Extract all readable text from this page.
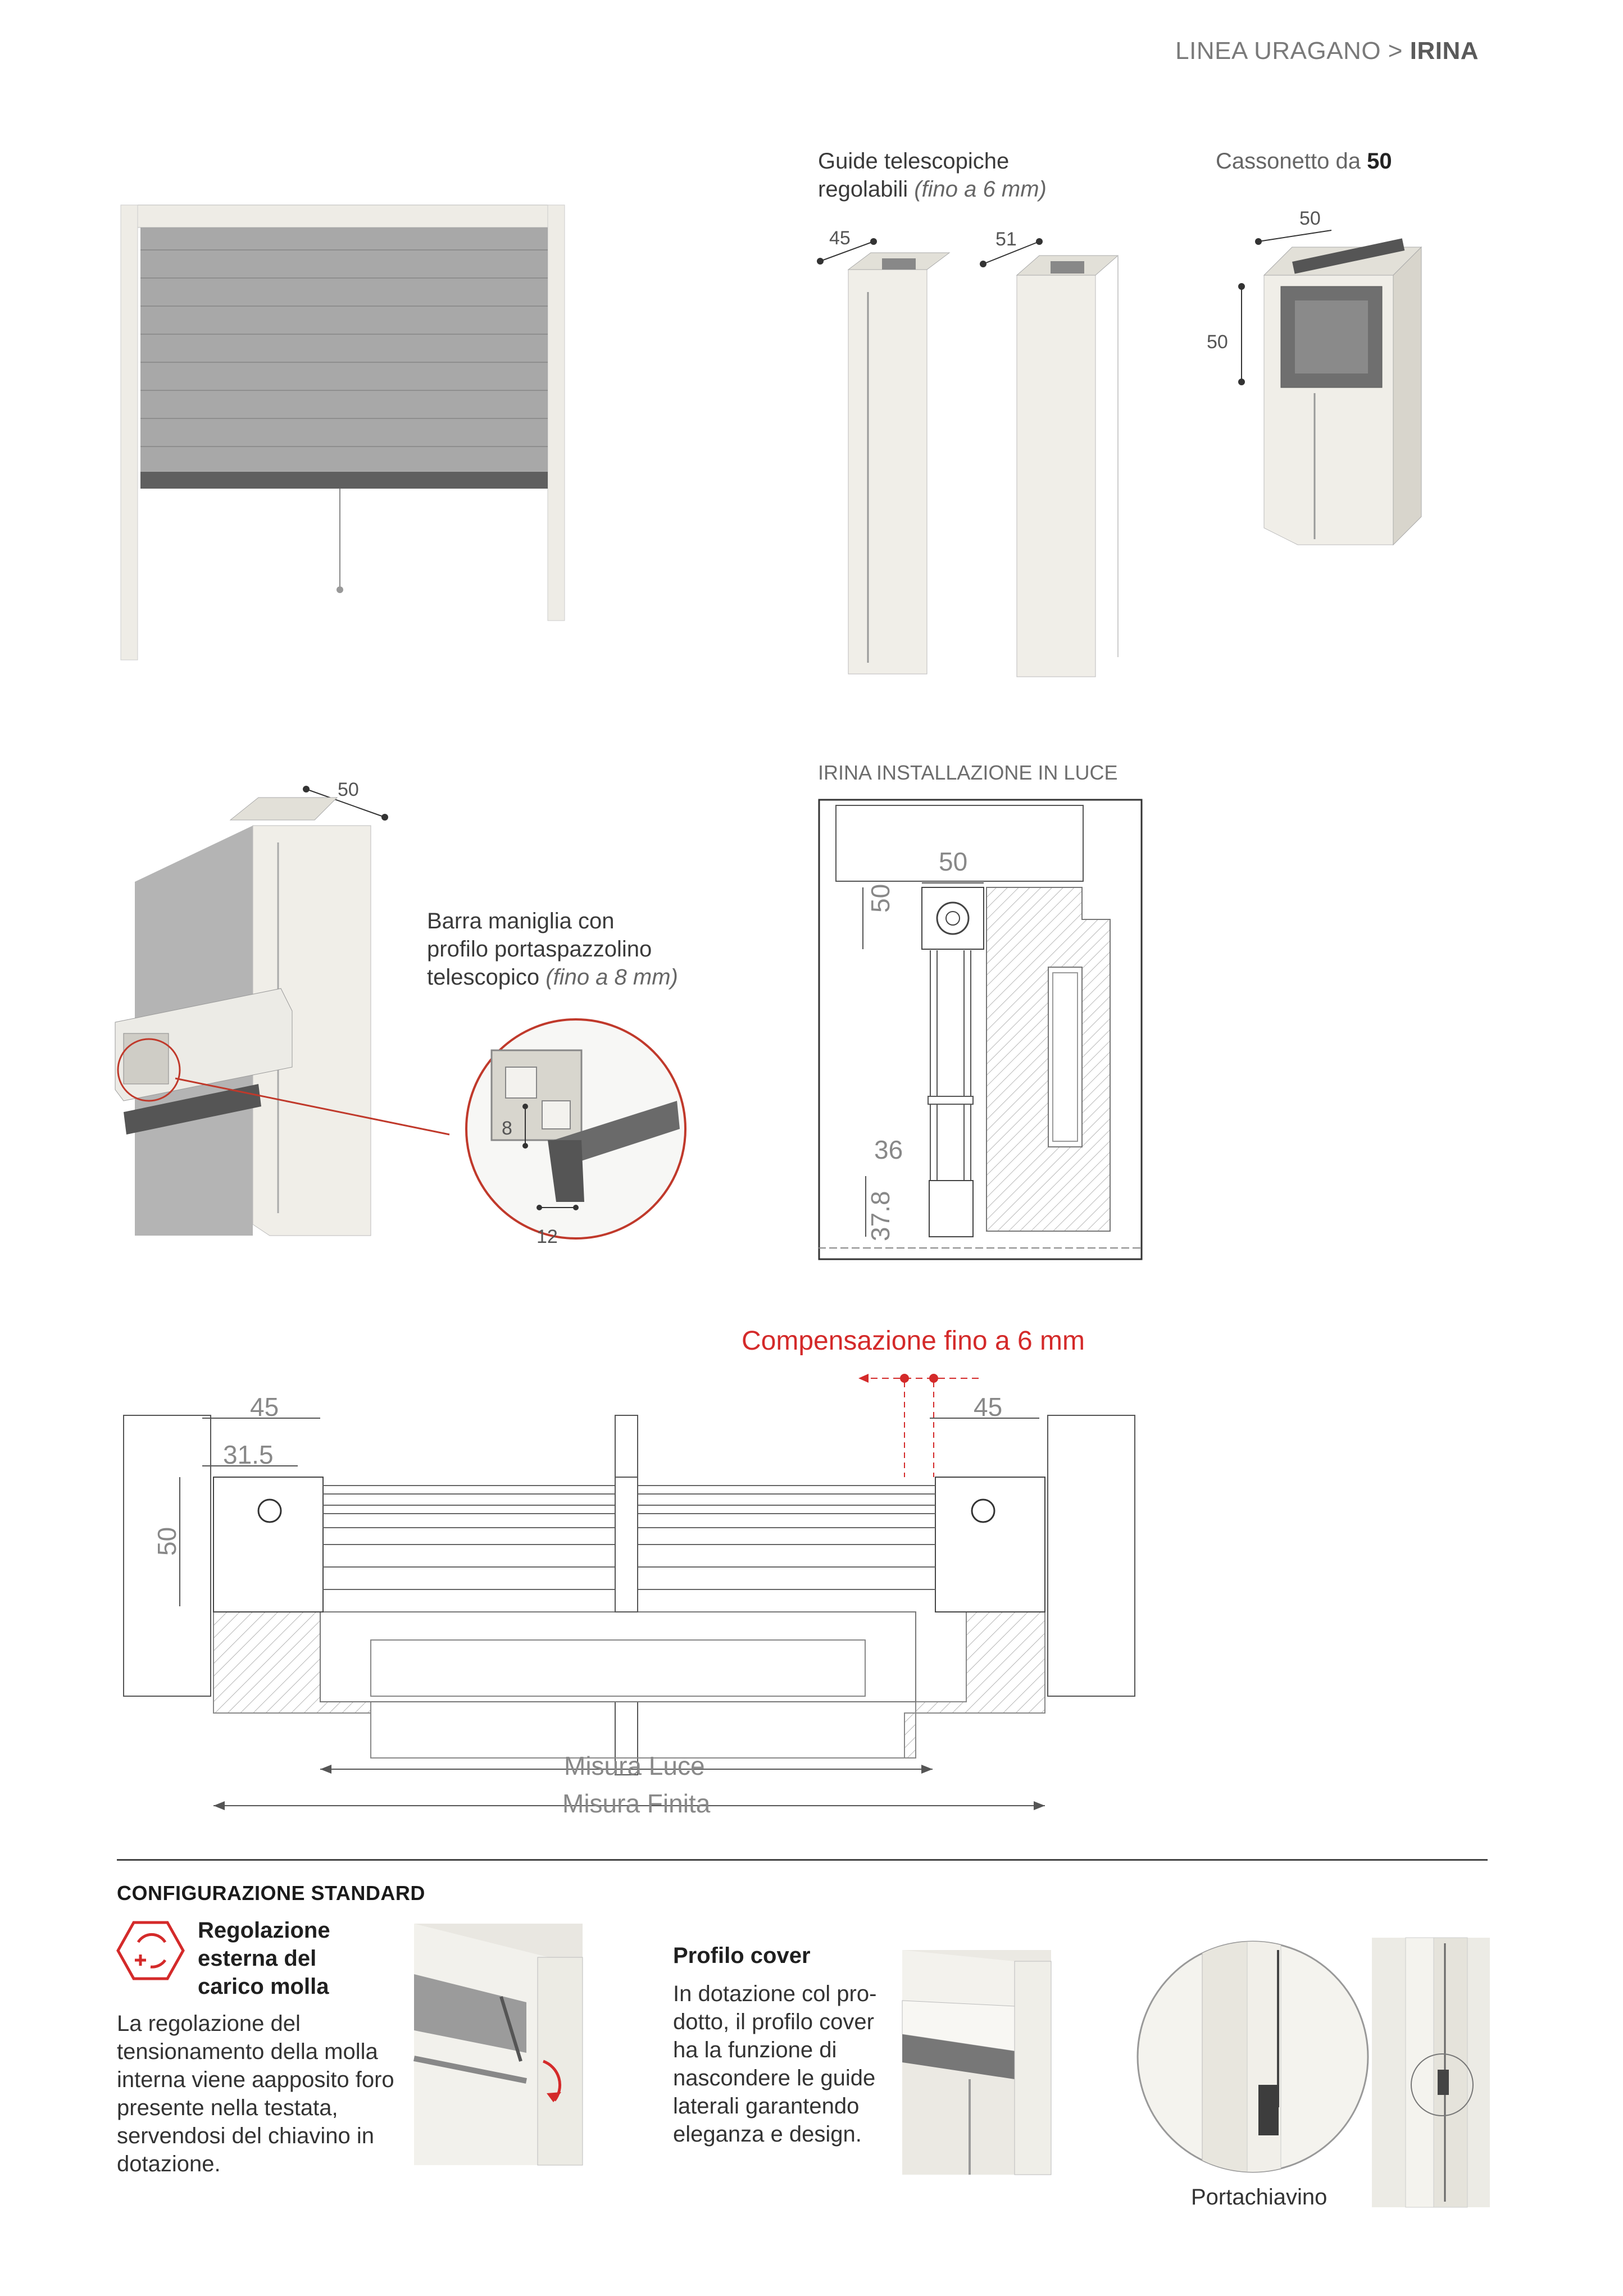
LINEA URAGANO > IRINA
Guide telescopiche
regolabili (fino a 6 mm)
45	51
Cassonetto da 50
50
50
50
Barra maniglia con
profilo portaspazzolino
telescopico (fino a 8 mm)
8
12
IRINA INSTALLAZIONE IN LUCE
50
50
36
37.8
Compensazione fino a 6 mm
45	45
31.5
50
Misura Luce
Misura Finita
CONFIGURAZIONE STANDARD
Regolazione
esterna del
carico molla
La regolazione del tensionamento della molla interna viene aapposito foro presente nella testata, servendosi del chiavino in dotazione.
Profilo cover
In dotazione col pro-dotto, il profilo cover ha la funzione di nascondere le guide laterali garantendo eleganza e design.
Portachiavino
